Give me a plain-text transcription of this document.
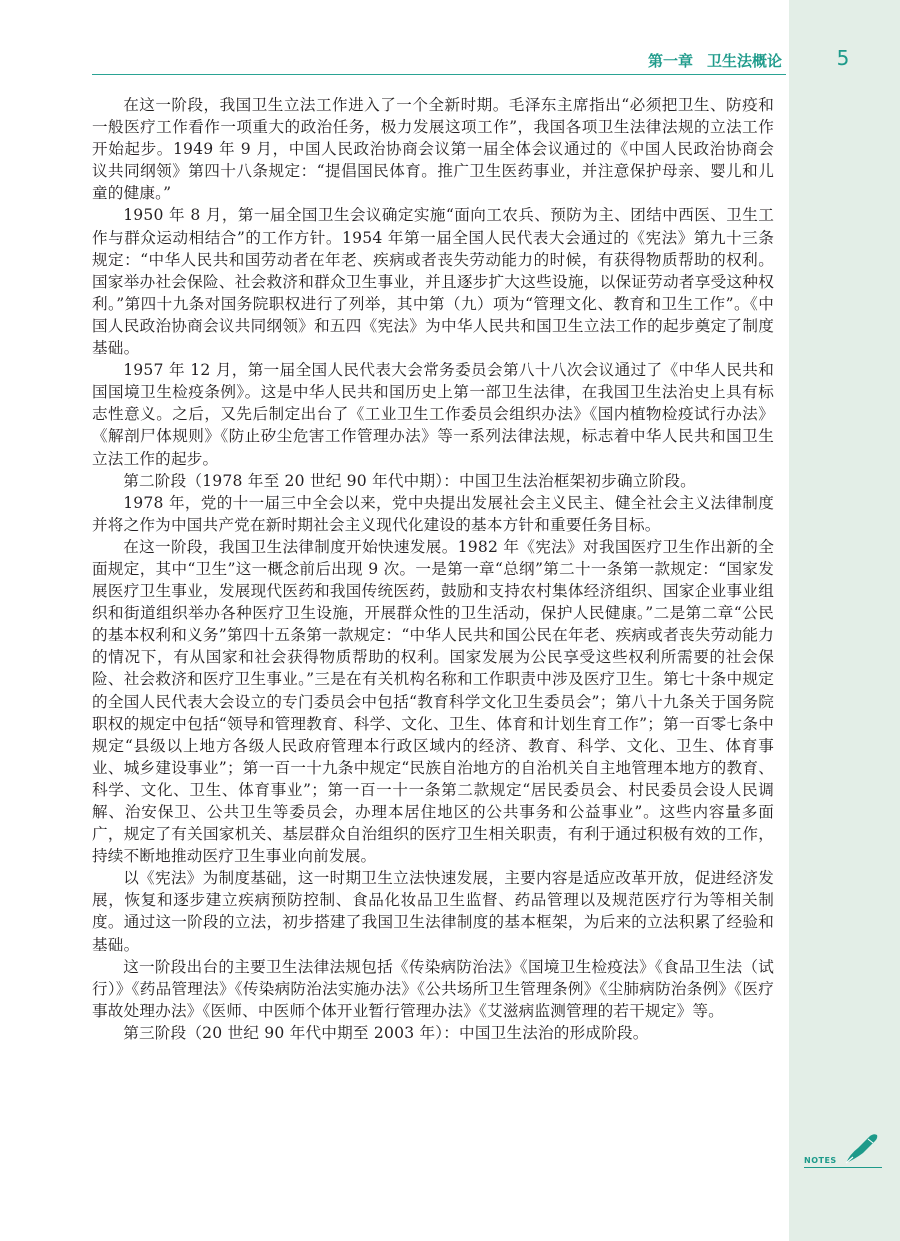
第一章 卫生法概论	5

在这一阶段，我国卫生立法工作进入了一个全新时期。毛泽东主席指出“必须把卫生、防疫和一般医疗工作看作一项重大的政治任务，极力发展这项工作”，我国各项卫生法律法规的立法工作开始起步。1949 年 9 月，中国人民政治协商会议第一届全体会议通过的《中国人民政治协商会议共同纲领》第四十八条规定：“提倡国民体育。推广卫生医药事业，并注意保护母亲、婴儿和儿童的健康。”

1950 年 8 月，第一届全国卫生会议确定实施“面向工农兵、预防为主、团结中西医、卫生工作与群众运动相结合”的工作方针。1954 年第一届全国人民代表大会通过的《宪法》第九十三条规定：“中华人民共和国劳动者在年老、疾病或者丧失劳动能力的时候，有获得物质帮助的权利。国家举办社会保险、社会救济和群众卫生事业，并且逐步扩大这些设施，以保证劳动者享受这种权利。”第四十九条对国务院职权进行了列举，其中第（九）项为“管理文化、教育和卫生工作”。《中国人民政治协商会议共同纲领》和五四《宪法》为中华人民共和国卫生立法工作的起步奠定了制度基础。

1957 年 12 月，第一届全国人民代表大会常务委员会第八十八次会议通过了《中华人民共和国国境卫生检疫条例》。这是中华人民共和国历史上第一部卫生法律，在我国卫生法治史上具有标志性意义。之后，又先后制定出台了《工业卫生工作委员会组织办法》《国内植物检疫试行办法》《解剖尸体规则》《防止矽尘危害工作管理办法》等一系列法律法规，标志着中华人民共和国卫生立法工作的起步。

第二阶段（1978 年至 20 世纪 90 年代中期）：中国卫生法治框架初步确立阶段。

1978 年，党的十一届三中全会以来，党中央提出发展社会主义民主、健全社会主义法律制度并将之作为中国共产党在新时期社会主义现代化建设的基本方针和重要任务目标。

在这一阶段，我国卫生法律制度开始快速发展。1982 年《宪法》对我国医疗卫生作出新的全面规定，其中“卫生”这一概念前后出现 9 次。一是第一章“总纲”第二十一条第一款规定：“国家发展医疗卫生事业，发展现代医药和我国传统医药，鼓励和支持农村集体经济组织、国家企业事业组织和街道组织举办各种医疗卫生设施，开展群众性的卫生活动，保护人民健康。”二是第二章“公民的基本权利和义务”第四十五条第一款规定：“中华人民共和国公民在年老、疾病或者丧失劳动能力的情况下，有从国家和社会获得物质帮助的权利。国家发展为公民享受这些权利所需要的社会保险、社会救济和医疗卫生事业。”三是在有关机构名称和工作职责中涉及医疗卫生。第七十条中规定的全国人民代表大会设立的专门委员会中包括“教育科学文化卫生委员会”；第八十九条关于国务院职权的规定中包括“领导和管理教育、科学、文化、卫生、体育和计划生育工作”；第一百零七条中规定“县级以上地方各级人民政府管理本行政区域内的经济、教育、科学、文化、卫生、体育事业、城乡建设事业”；第一百一十九条中规定“民族自治地方的自治机关自主地管理本地方的教育、科学、文化、卫生、体育事业”；第一百一十一条第二款规定“居民委员会、村民委员会设人民调解、治安保卫、公共卫生等委员会，办理本居住地区的公共事务和公益事业”。这些内容量多面广，规定了有关国家机关、基层群众自治组织的医疗卫生相关职责，有利于通过积极有效的工作，持续不断地推动医疗卫生事业向前发展。

以《宪法》为制度基础，这一时期卫生立法快速发展，主要内容是适应改革开放，促进经济发展，恢复和逐步建立疾病预防控制、食品化妆品卫生监督、药品管理以及规范医疗行为等相关制度。通过这一阶段的立法，初步搭建了我国卫生法律制度的基本框架，为后来的立法积累了经验和基础。

这一阶段出台的主要卫生法律法规包括《传染病防治法》《国境卫生检疫法》《食品卫生法（试行）》《药品管理法》《传染病防治法实施办法》《公共场所卫生管理条例》《尘肺病防治条例》《医疗事故处理办法》《医师、中医师个体开业暂行管理办法》《艾滋病监测管理的若干规定》等。

第三阶段（20 世纪 90 年代中期至 2003 年）：中国卫生法治的形成阶段。

NOTES
